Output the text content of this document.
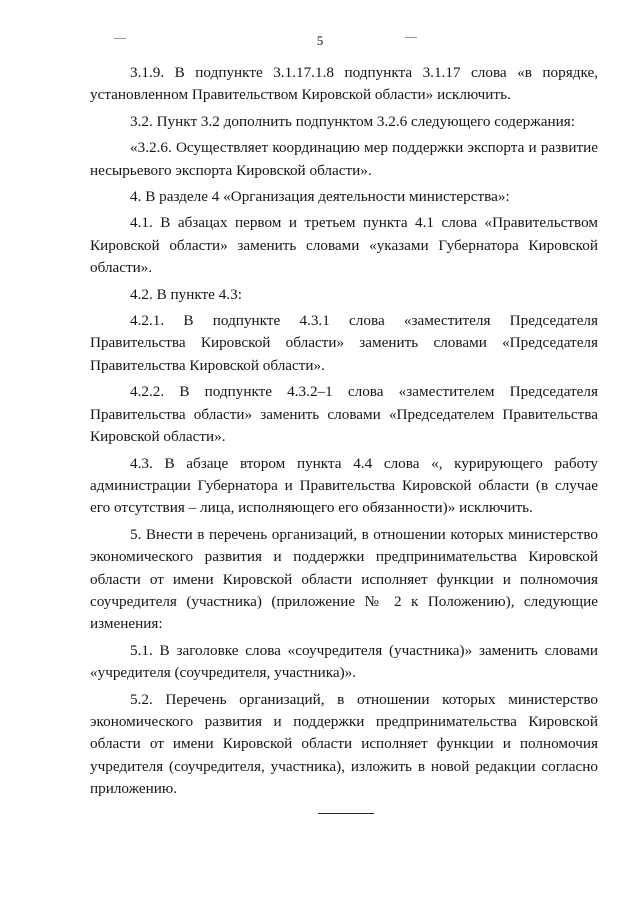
5

3.1.9. В подпункте 3.1.17.1.8 подпункта 3.1.17 слова «в порядке, установленном Правительством Кировской области» исключить.

3.2. Пункт 3.2 дополнить подпунктом 3.2.6 следующего содержания:

«3.2.6. Осуществляет координацию мер поддержки экспорта и развитие несырьевого экспорта Кировской области».

4. В разделе 4 «Организация деятельности министерства»:

4.1. В абзацах первом и третьем пункта 4.1 слова «Правительством Кировской области» заменить словами «указами Губернатора Кировской области».

4.2. В пункте 4.3:

4.2.1. В подпункте 4.3.1 слова «заместителя Председателя Правительства Кировской области» заменить словами «Председателя Правительства Кировской области».

4.2.2. В подпункте 4.3.2–1 слова «заместителем Председателя Правительства области» заменить словами «Председателем Правительства Кировской области».

4.3. В абзаце втором пункта 4.4 слова «, курирующего работу администрации Губернатора и Правительства Кировской области (в случае его отсутствия – лица, исполняющего его обязанности)» исключить.

5. Внести в перечень организаций, в отношении которых министерство экономического развития и поддержки предпринимательства Кировской области от имени Кировской области исполняет функции и полномочия соучредителя (участника) (приложение № 2 к Положению), следующие изменения:

5.1. В заголовке слова «соучредителя (участника)» заменить словами «учредителя (соучредителя, участника)».

5.2. Перечень организаций, в отношении которых министерство экономического развития и поддержки предпринимательства Кировской области от имени Кировской области исполняет функции и полномочия учредителя (соучредителя, участника), изложить в новой редакции согласно приложению.
